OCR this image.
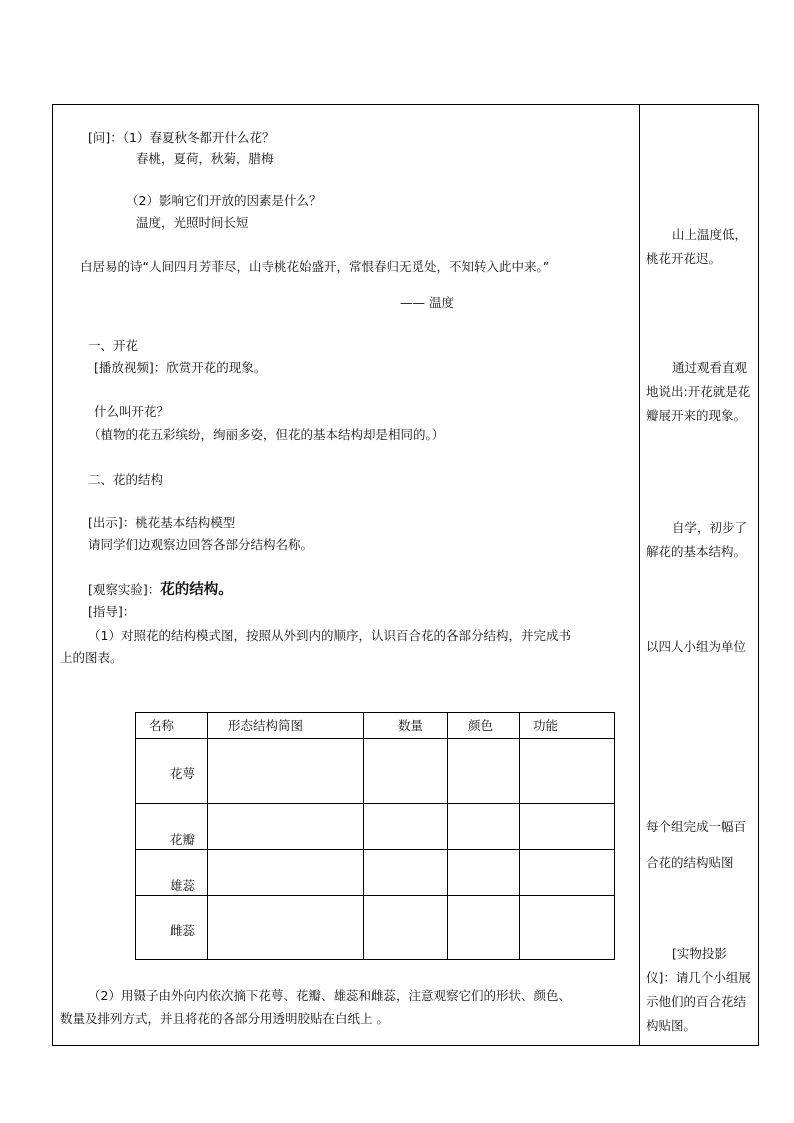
[问]：（1）春夏秋冬都开什么花？
春桃，夏荷，秋菊，腊梅
（2）影响它们开放的因素是什么？
温度，光照时间长短
白居易的诗“人间四月芳菲尽，山寺桃花始盛开，常恨春归无觅处，不知转入此中来。”
—— 温度
一、开花
[播放视频]：欣赏开花的现象。
什么叫开花？
（植物的花五彩缤纷，绚丽多姿，但花的基本结构却是相同的。）
二、花的结构
[出示]：桃花基本结构模型
请同学们边观察边回答各部分结构名称。
[观察实验]：花的结构。
[指导]：
（1）对照花的结构模式图，按照从外到内的顺序，认识百合花的各部分结构，并完成书
上的图表。
名称	形态结构简图	数量	颜色	功能
花萼
花瓣
雄蕊
雌蕊
（2）用镊子由外向内依次摘下花萼、花瓣、雄蕊和雌蕊，注意观察它们的形状、颜色、
数量及排列方式，并且将花的各部分用透明胶贴在白纸上 。

山上温度低，桃花开花迟。

通过观看直观地说出:开花就是花瓣展开来的现象。

自学，初步了解花的基本结构。

以四人小组为单位

每个组完成一幅百合花的结构贴图

[实物投影仪]：请几个小组展示他们的百合花结构贴图。
